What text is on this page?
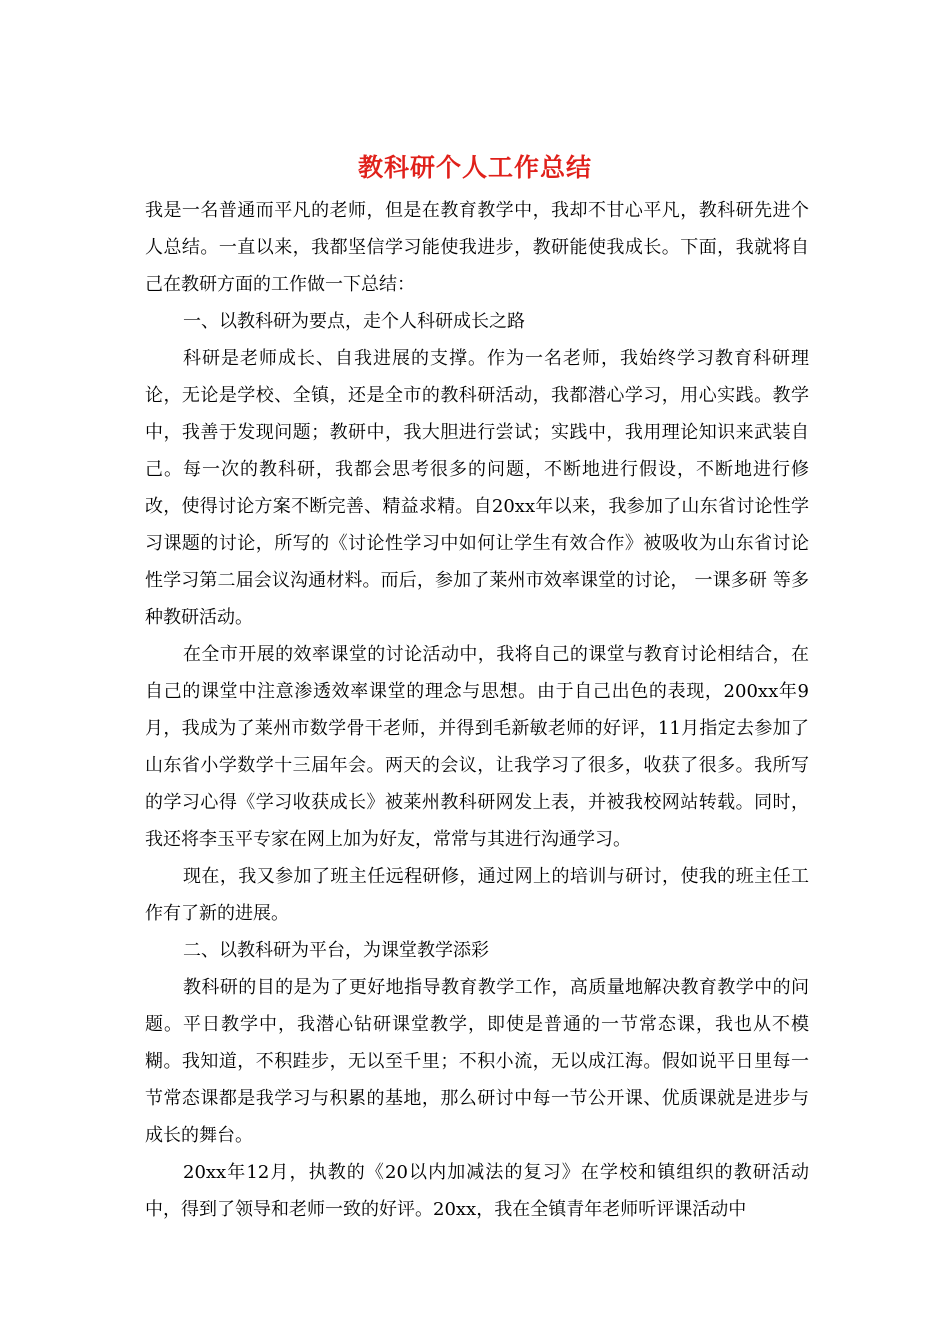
教科研个人工作总结

我是一名普通而平凡的老师，但是在教育教学中，我却不甘心平凡，教科研先进个人总结。一直以来，我都坚信学习能使我进步，教研能使我成长。下面，我就将自己在教研方面的工作做一下总结：

一、以教科研为要点，走个人科研成长之路

科研是老师成长、自我进展的支撑。作为一名老师，我始终学习教育科研理论，无论是学校、全镇，还是全市的教科研活动，我都潜心学习，用心实践。教学中，我善于发现问题；教研中，我大胆进行尝试；实践中，我用理论知识来武装自己。每一次的教科研，我都会思考很多的问题，不断地进行假设，不断地进行修改，使得讨论方案不断完善、精益求精。自20xx年以来，我参加了山东省讨论性学习课题的讨论，所写的《讨论性学习中如何让学生有效合作》被吸收为山东省讨论性学习第二届会议沟通材料。而后，参加了莱州市效率课堂的讨论， 一课多研 等多种教研活动。

在全市开展的效率课堂的讨论活动中，我将自己的课堂与教育讨论相结合，在自己的课堂中注意渗透效率课堂的理念与思想。由于自己出色的表现，200xx年9月，我成为了莱州市数学骨干老师，并得到毛新敏老师的好评，11月指定去参加了山东省小学数学十三届年会。两天的会议，让我学习了很多，收获了很多。我所写的学习心得《学习收获成长》被莱州教科研网发上表，并被我校网站转载。同时，我还将李玉平专家在网上加为好友，常常与其进行沟通学习。

现在，我又参加了班主任远程研修，通过网上的培训与研讨，使我的班主任工作有了新的进展。

二、以教科研为平台，为课堂教学添彩

教科研的目的是为了更好地指导教育教学工作，高质量地解决教育教学中的问题。平日教学中，我潜心钻研课堂教学，即使是普通的一节常态课，我也从不模糊。我知道，不积跬步，无以至千里；不积小流，无以成江海。假如说平日里每一节常态课都是我学习与积累的基地，那么研讨中每一节公开课、优质课就是进步与成长的舞台。

20xx年12月，执教的《20以内加减法的复习》在学校和镇组织的教研活动中，得到了领导和老师一致的好评。20xx，我在全镇青年老师听评课活动中
